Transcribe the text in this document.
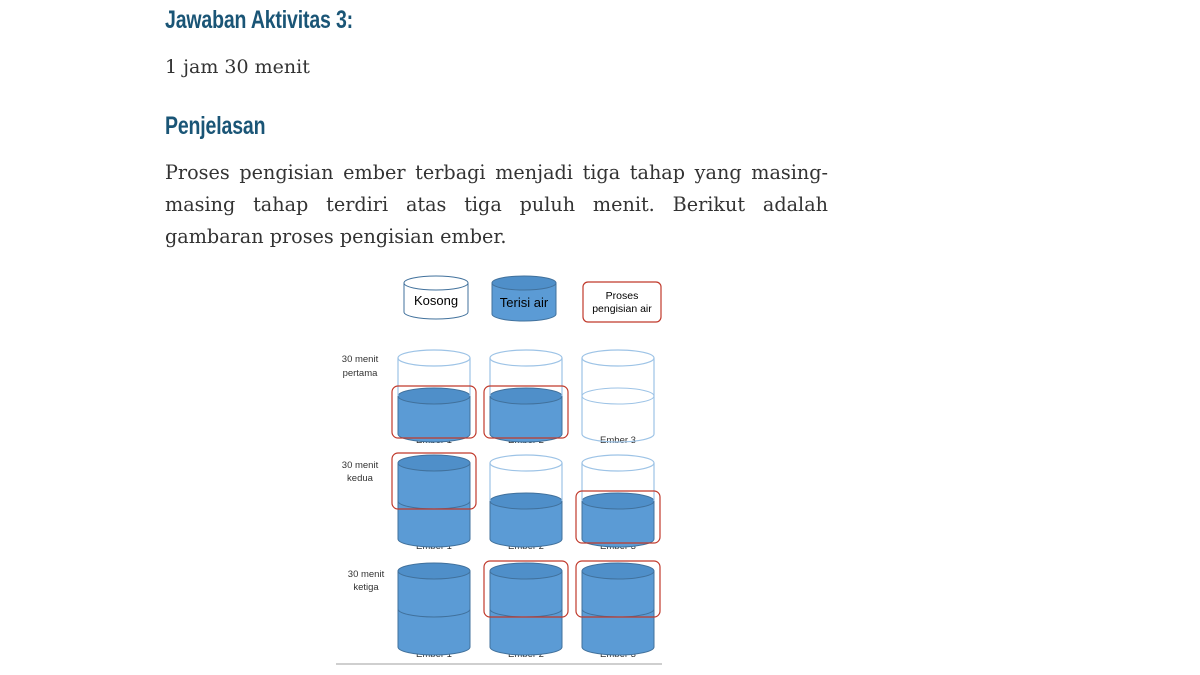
Jawaban Aktivitas 3:
1 jam 30 menit
Penjelasan

Proses pengisian ember terbagi menjadi tiga tahap yang masing-masing tahap terdiri atas tiga puluh menit. Berikut adalah gambaran proses pengisian ember.

Kosong	Terisi air	Proses
pengisian air
30 menit
pertama
30 menit
kedua
30 menit
ketiga
Ember 3
